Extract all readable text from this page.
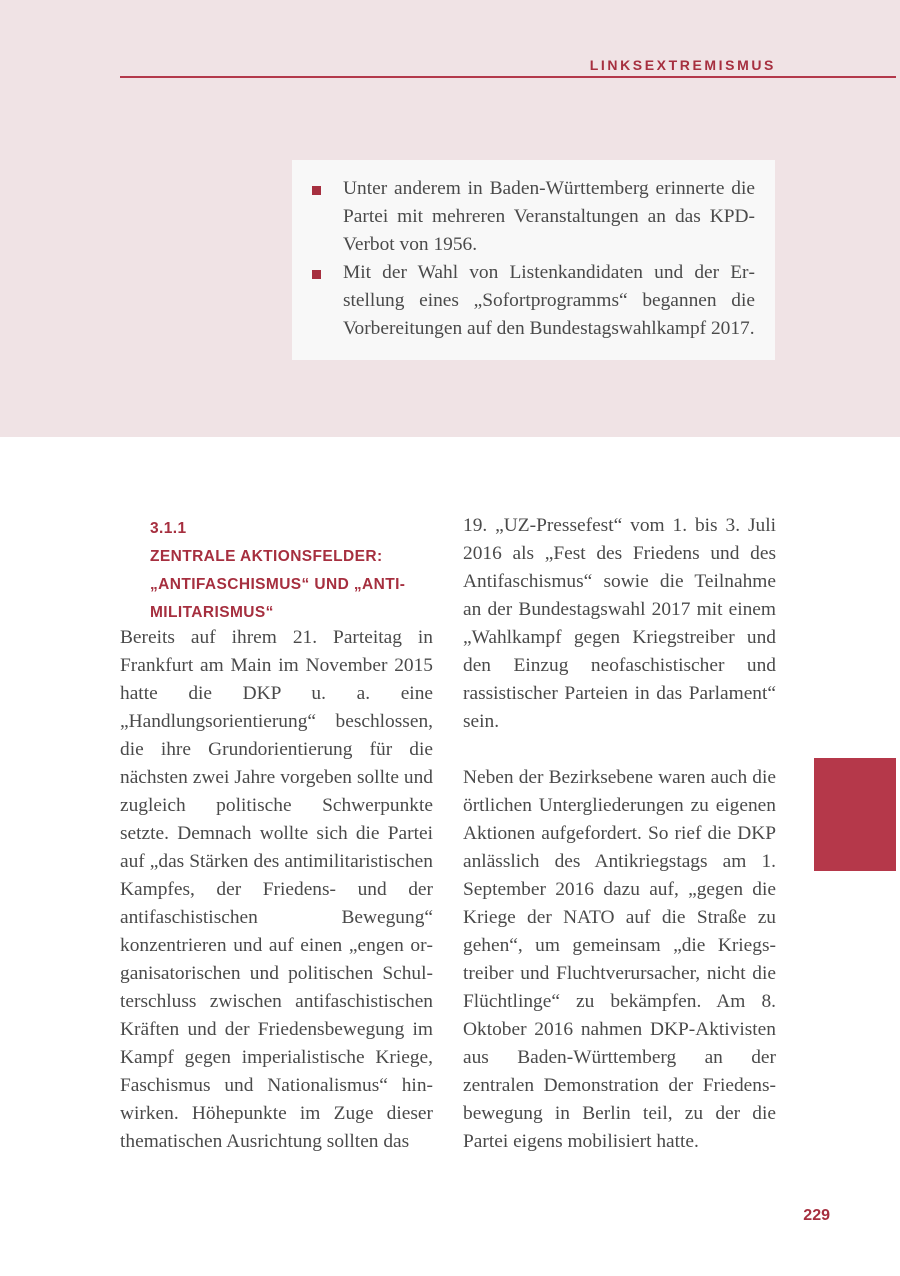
LINKSEXTREMISMUS
Unter anderem in Baden-Württemberg erinnerte die Partei mit mehreren Veranstaltungen an das KPD-Verbot von 1956.
Mit der Wahl von Listenkandidaten und der Erstellung eines „Sofortprogramms“ begannen die Vorbereitungen auf den Bundestagswahlkampf 2017.
3.1.1
ZENTRALE AKTIONSFELDER:
„ANTIFASCHISMUS“ UND „ANTI-
MILITARISMUS“

Bereits auf ihrem 21. Parteitag in Frankfurt am Main im November 2015 hatte die DKP u. a. eine „Handlungsorientierung“ beschlossen, die ihre Grundorientierung für die nächsten zwei Jahre vorgeben sollte und zugleich politische Schwerpunkte setzte. Demnach wollte sich die Partei auf „das Stärken des antimilitaristischen Kampfes, der Friedens- und der antifaschistischen Bewegung“ konzentrieren und auf einen „engen organisatorischen und politischen Schulterschluss zwischen antifaschistischen Kräften und der Friedensbewegung im Kampf gegen imperialistische Kriege, Faschismus und Nationalismus“ hinwirken. Höhepunkte im Zuge dieser thematischen Ausrichtung sollten das

19. „UZ-Pressefest“ vom 1. bis 3. Juli 2016 als „Fest des Friedens und des Antifaschismus“ sowie die Teilnahme an der Bundestagswahl 2017 mit einem „Wahlkampf gegen Kriegstreiber und den Einzug neofaschistischer und rassistischer Parteien in das Parlament“ sein.

Neben der Bezirksebene waren auch die örtlichen Untergliederungen zu eigenen Aktionen aufgefordert. So rief die DKP anlässlich des Antikriegstags am 1. September 2016 dazu auf, „gegen die Kriege der NATO auf die Straße zu gehen“, um gemeinsam „die Kriegstreiber und Fluchtverursacher, nicht die Flüchtlinge“ zu bekämpfen. Am 8. Oktober 2016 nahmen DKP-Aktivisten aus Baden-Württemberg an der zentralen Demonstration der Friedensbewegung in Berlin teil, zu der die Partei eigens mobilisiert hatte.

229
